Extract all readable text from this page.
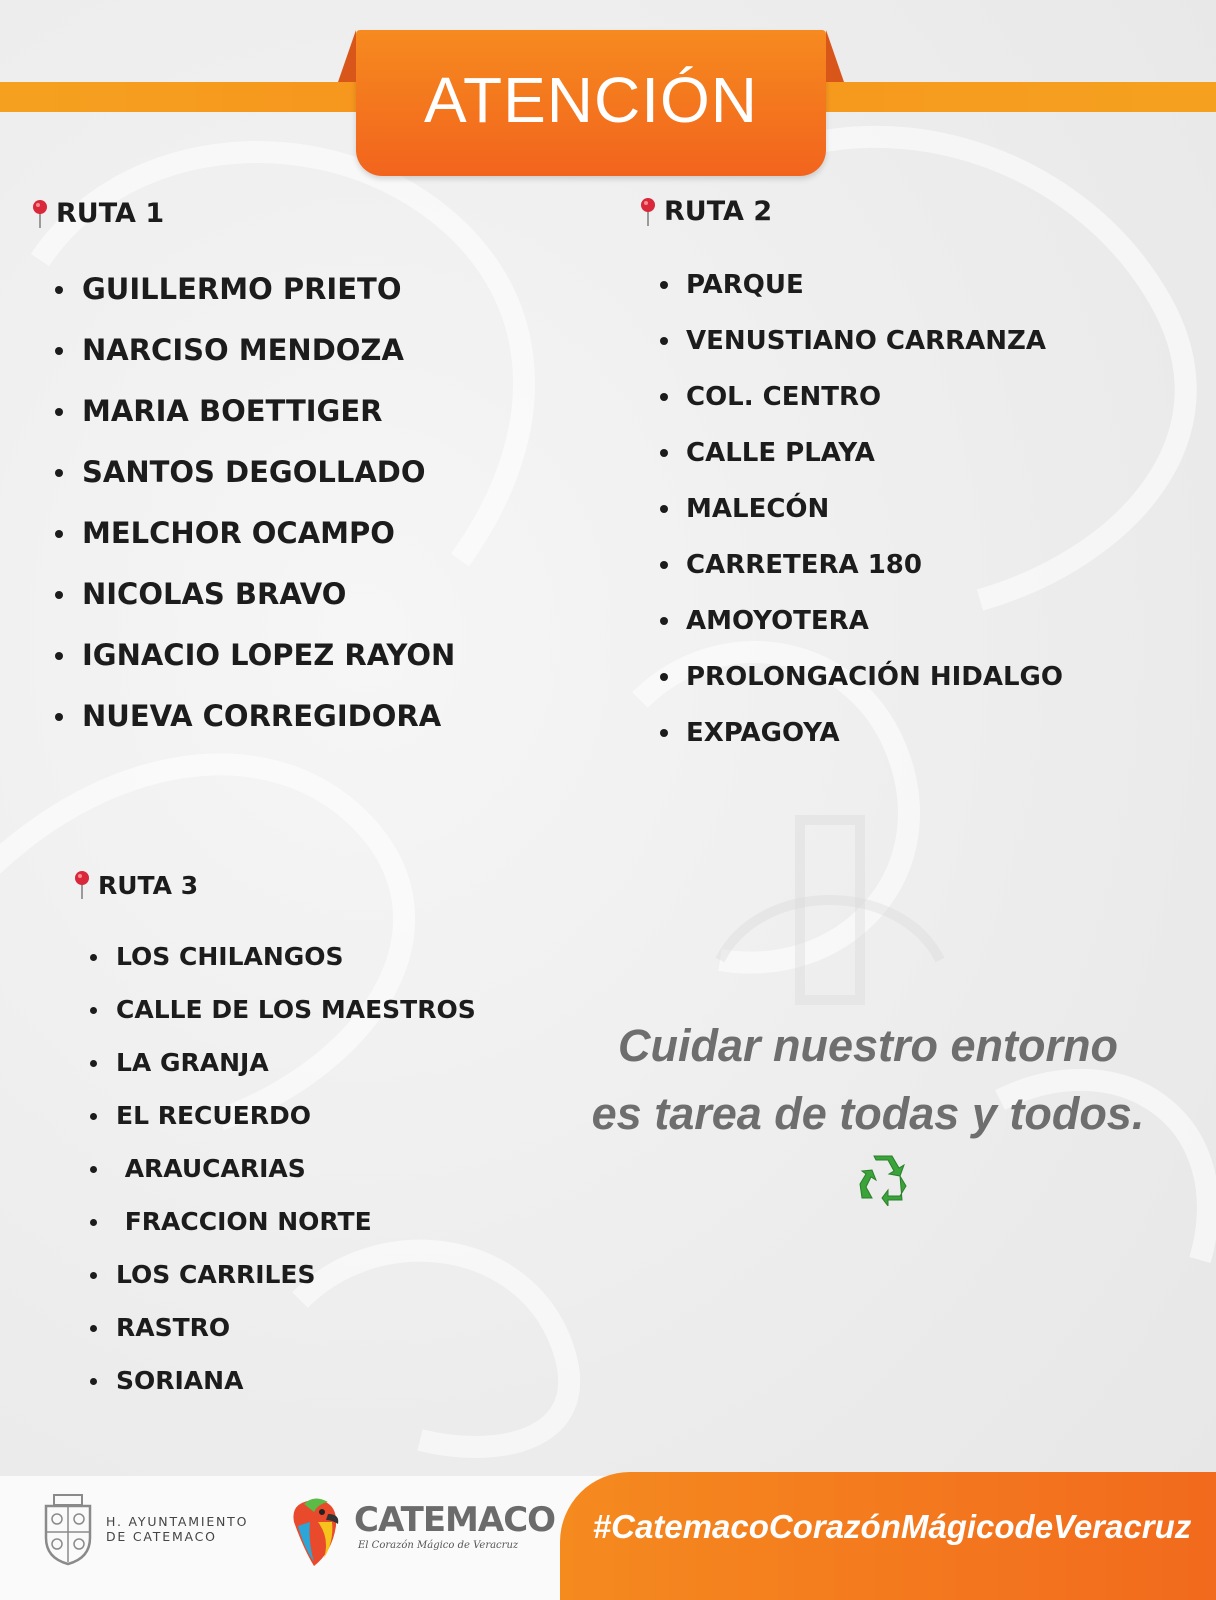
ATENCIÓN
RUTA 1
GUILLERMO PRIETO
NARCISO MENDOZA
MARIA BOETTIGER
SANTOS DEGOLLADO
MELCHOR OCAMPO
NICOLAS BRAVO
IGNACIO LOPEZ RAYON
NUEVA CORREGIDORA
RUTA 2
PARQUE
VENUSTIANO CARRANZA
COL. CENTRO
CALLE PLAYA
MALECÓN
CARRETERA 180
AMOYOTERA
PROLONGACIÓN HIDALGO
EXPAGOYA
RUTA 3
LOS CHILANGOS
CALLE DE LOS MAESTROS
LA GRANJA
EL RECUERDO
ARAUCARIAS
FRACCION NORTE
LOS CARRILES
RASTRO
SORIANA
Cuidar nuestro entorno
es tarea de todas y todos.
H. AYUNTAMIENTO
DE CATEMACO	CATEMACO
El Corazón Mágico de Veracruz
#CatemacoCorazónMágicodeVeracruz
